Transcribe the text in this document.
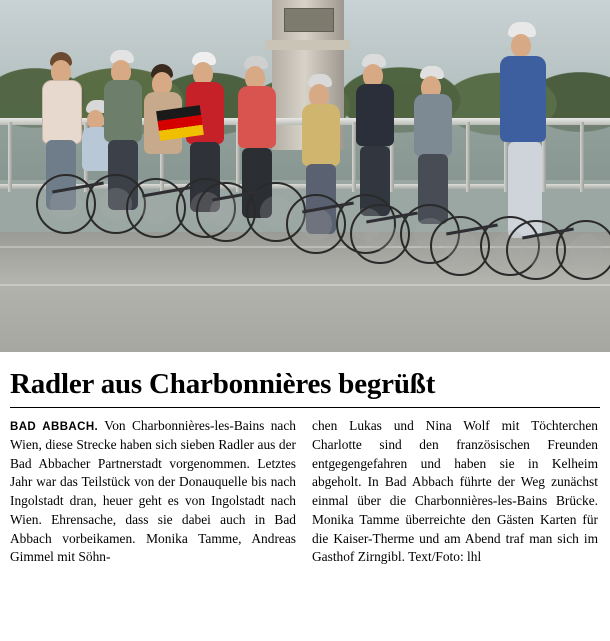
Radler aus Charbonnières begrüßt
BAD ABBACH. Von Charbonnières-les-Bains nach Wien, diese Strecke haben sich sieben Radler aus der Bad Abbacher Partnerstadt vorgenommen. Letztes Jahr war das Teilstück von der Donauquelle bis nach Ingolstadt dran, heuer geht es von Ingolstadt nach Wien. Ehrensache, dass sie dabei auch in Bad Abbach vorbeikamen. Monika Tamme, Andreas Gimmel mit Söhn-
chen Lukas und Nina Wolf mit Töchterchen Charlotte sind den französischen Freunden entgegengefahren und haben sie in Kelheim abgeholt. In Bad Abbach führte der Weg zunächst einmal über die Charbonnières-les-Bains Brücke. Monika Tamme überreichte den Gästen Karten für die Kaiser-Therme und am Abend traf man sich im Gasthof Zirngibl. Text/Foto: lhl
